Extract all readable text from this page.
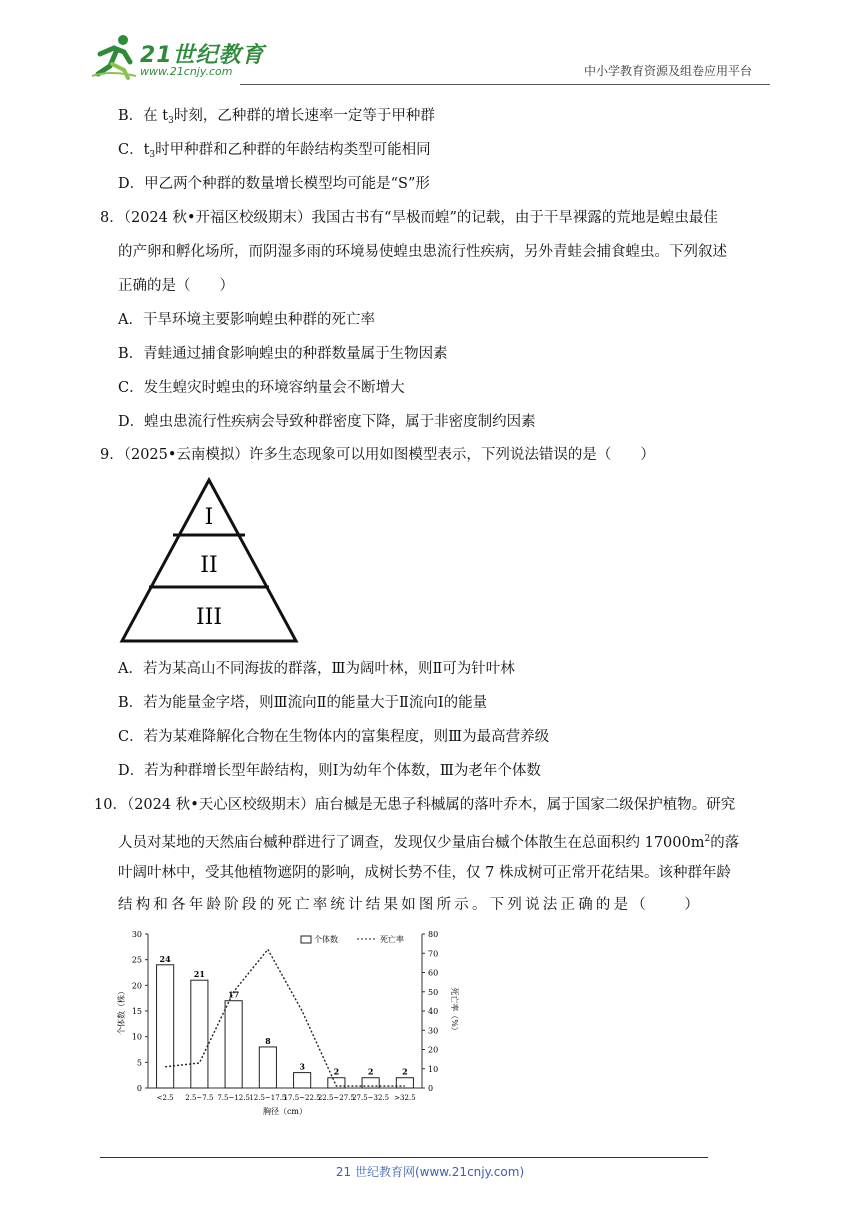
21世纪教育
www.21cnjy.com	中小学教育资源及组卷应用平台
B．在 $t_3$时刻，乙种群的增长速率一定等于甲种群
C．$t_3$时甲种群和乙种群的年龄结构类型可能相同
D．甲乙两个种群的数量增长模型均可能是“S”形
8．（2024 秋•开福区校级期末）我国古书有“旱极而蝗”的记载，由于干旱裸露的荒地是蝗虫最佳
的产卵和孵化场所，而阴湿多雨的环境易使蝗虫患流行性疾病，另外青蛙会捕食蝗虫。下列叙述
正确的是（　　）
A．干旱环境主要影响蝗虫种群的死亡率
B．青蛙通过捕食影响蝗虫的种群数量属于生物因素
C．发生蝗灾时蝗虫的环境容纳量会不断增大
D．蝗虫患流行性疾病会导致种群密度下降，属于非密度制约因素
9．（2025•云南模拟）许多生态现象可以用如图模型表示，下列说法错误的是（　　）
I
II
III
A．若为某高山不同海拔的群落，Ⅲ为阔叶林，则Ⅱ可为针叶林
B．若为能量金字塔，则Ⅲ流向Ⅱ的能量大于Ⅱ流向Ⅰ的能量
C．若为某难降解化合物在生物体内的富集程度，则Ⅲ为最高营养级
D．若为种群增长型年龄结构，则Ⅰ为幼年个体数，Ⅲ为老年个体数
10．（2024 秋•天心区校级期末）庙台槭是无患子科槭属的落叶乔木，属于国家二级保护植物。研究
人员对某地的天然庙台槭种群进行了调查，发现仅少量庙台槭个体散生在总面积约 $17000m^2$的落
叶阔叶林中，受其他植物遮阴的影响，成树长势不佳，仅 7 株成树可正常开花结果。该种群年龄
结构和各年龄阶段的死亡率统计结果如图所示。下列说法正确的是（　　）
0
5
10
15
20
25
30
0
10
20
30
40
50
60
70
80
24
<2.5
21
2.5~7.5
17
7.5~12.5
8
12.5~17.5
3
17.5~22.5
2
22.5~27.5
2
27.5~32.5
2
>32.5
胸径（cm）
个体数（株）	死亡率（%）
个体数	死亡率
21 世纪教育网(www.21cnjy.com)
